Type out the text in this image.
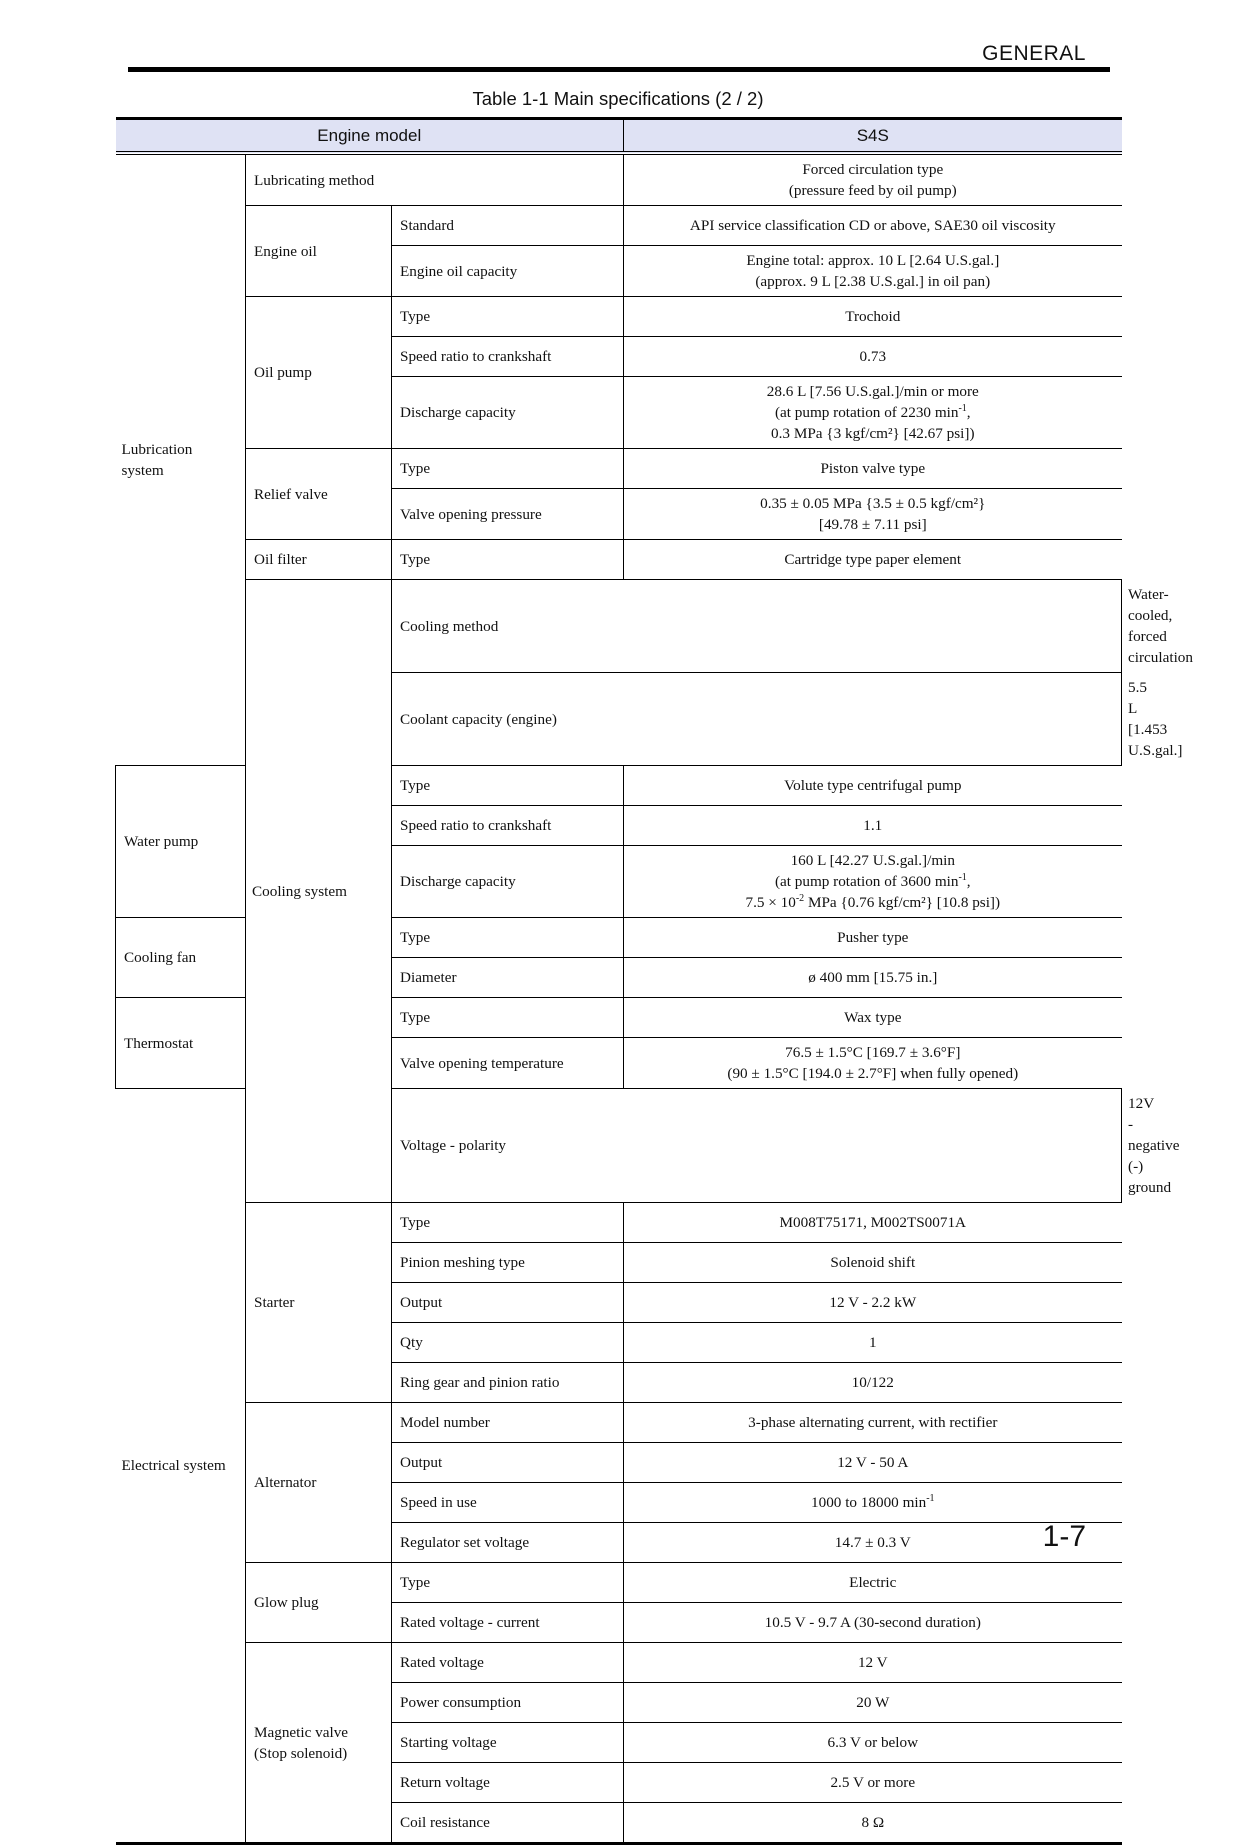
GENERAL
Table 1-1 Main specifications (2 / 2)
Engine model			S4S	
Lubrication system	Lubricating method		Forced circulation type
(pressure feed by oil pump)	

	Engine oil	Standard	API service classification CD or above, SAE30 oil viscosity	
		Engine oil capacity	Engine total: approx. 10 L [2.64 U.S.gal.]
(approx. 9 L [2.38 U.S.gal.] in oil pan)	

	Oil pump	Type	Trochoid	
		Speed ratio to crankshaft	0.73	
		Discharge capacity	28.6 L [7.56 U.S.gal.]/min or more
(at pump rotation of 2230 $\min^{-1}$,
0.3 MPa {3 kgf/cm²} [42.67 psi])	

	Relief valve	Type	Piston valve type	
		Valve opening pressure	0.35 ± 0.05 MPa {3.5 ± 0.5 kgf/cm²}
[49.78 ± 7.11 psi]	

	Oil filter	Type	Cartridge type paper element	
	Cooling system	Cooling method		Water-cooled, forced circulation
		Coolant capacity (engine)		5.5 L [1.453 U.S.gal.]
Water pump		Type	Volute type centrifugal pump	
		Speed ratio to crankshaft	1.1	
		Discharge capacity	160 L [42.27 U.S.gal.]/min
(at pump rotation of 3600 $\min^{-1}$,
$7.5 \times 10^{-2}$ MPa {0.76 kgf/cm²} [10.8 psi])	

Cooling fan		Type	Pusher type	
		Diameter	ø 400 mm [15.75 in.]	
Thermostat		Type	Wax type	
		Valve opening temperature	76.5 ± 1.5°C [169.7 ± 3.6°F]
(90 ± 1.5°C [194.0 ± 2.7°F] when fully opened)	

Electrical system		Voltage - polarity		12V - negative (-) ground
	Starter	Type	M008T75171, M002TS0071A	
		Pinion meshing type	Solenoid shift	
		Output	12 V - 2.2 kW	
		Qty	1	
		Ring gear and pinion ratio	10/122	
	Alternator	Model number	3-phase alternating current, with rectifier	
		Output	12 V - 50 A	
		Speed in use	1000 to 18000 $\min^{-1}$
		Regulator set voltage	14.7 ± 0.3 V	
	Glow plug	Type	Electric	
		Rated voltage - current	10.5 V - 9.7 A (30-second duration)	

	Magnetic valve
(Stop solenoid)	Rated voltage	12 V	
		Power consumption	20 W	
		Starting voltage	6.3 V or below	
		Return voltage	2.5 V or more	
		Coil resistance	8 Ω	
1-7
